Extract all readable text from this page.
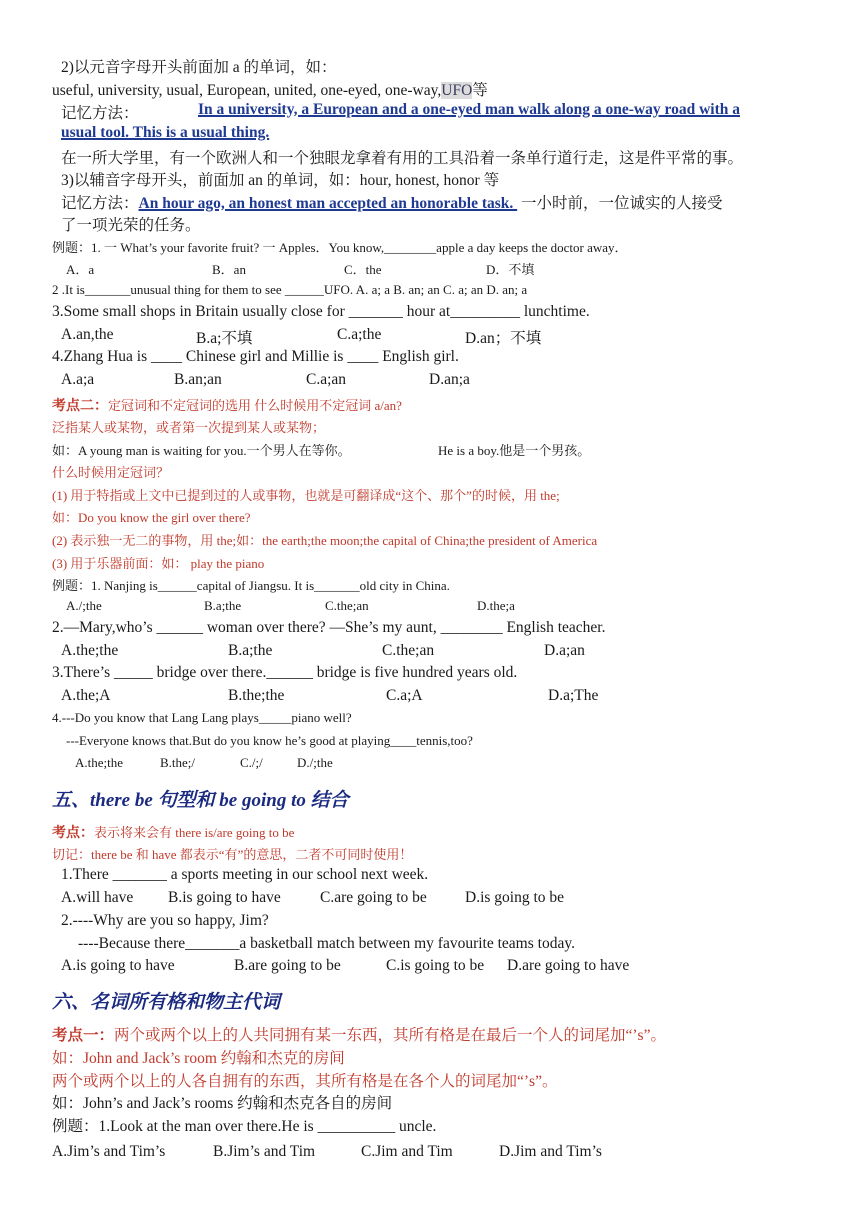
2)以元音字母开头前面加 a 的单词，如：
useful, university, usual, European, united, one-eyed, one-way,UFO等
记忆方法：	In a university, a European and a one-eyed man walk along a one-way road with a
usual tool. This is a usual thing.
在一所大学里，有一个欧洲人和一个独眼龙拿着有用的工具沿着一条单行道行走，这是件平常的事。
3)以辅音字母开头，前面加 an 的单词，如：hour, honest, honor 等
记忆方法：An hour ago, an honest man accepted an honorable task.  一小时前，一位诚实的人接受
了一项光荣的任务。
例题：1. 一 What’s your favorite fruit? 一 Apples．You know,________apple a day keeps the doctor away．
A．a	B．an	C．the	D．不填
2 .It is_______unusual thing for them to see ______UFO. A. a; a B. an; an C. a; an D. an; a
3.Some small shops in Britain usually close for _______ hour at_________ lunchtime.
A.an,the	B.a;不填	C.a;the	D.an；不填
4.Zhang Hua is ____ Chinese girl and Millie is ____ English girl.
A.a;a	B.an;an	C.a;an	D.an;a
考点二：定冠词和不定冠词的选用 什么时候用不定冠词 a/an?
泛指某人或某物，或者第一次提到某人或某物；
如：A young man is waiting for you.一个男人在等你。	He is a boy.他是一个男孩。
什么时候用定冠词？
(1) 用于特指或上文中已提到过的人或事物，也就是可翻译成“这个、那个”的时候，用 the;
如：Do you know the girl over there?
(2) 表示独一无二的事物，用 the;如：the earth;the moon;the capital of China;the president of America
(3) 用于乐器前面：如： play the piano
例题：1. Nanjing is______capital of Jiangsu. It is_______old city in China.
A./;the	B.a;the	C.the;an	D.the;a
2.—Mary,who’s ______ woman over there? —She’s my aunt, ________ English teacher.
A.the;the	B.a;the	C.the;an	D.a;an
3.There’s _____ bridge over there.______ bridge is five hundred years old.
A.the;A	B.the;the	C.a;A	D.a;The
4.---Do you know that Lang Lang plays_____piano well?
---Everyone knows that.But do you know he’s good at playing____tennis,too?
A.the;the	B.the;/	C./;/	D./;the
五、there be 句型和 be going to 结合
考点：表示将来会有 there is/are going to be
切记：there be 和 have 都表示“有”的意思，二者不可同时使用！
1.There _______ a sports meeting in our school next week.
A.will have B.is going to have	C.are going to be D.is going to be
2.----Why are you so happy, Jim?
----Because there_______a basketball match between my favourite teams today.
A.is going to have	B.are going to be	C.is going to be D.are going to have
六、名词所有格和物主代词
考点一：两个或两个以上的人共同拥有某一东西，其所有格是在最后一个人的词尾加“’s”。
如：John and Jack’s room 约翰和杰克的房间
两个或两个以上的人各自拥有的东西，其所有格是在各个人的词尾加“’s”。
如：John’s and Jack’s rooms 约翰和杰克各自的房间
例题：1.Look at the man over there.He is __________ uncle.
A.Jim’s and Tim’s	B.Jim’s and Tim	C.Jim and Tim	D.Jim and Tim’s
